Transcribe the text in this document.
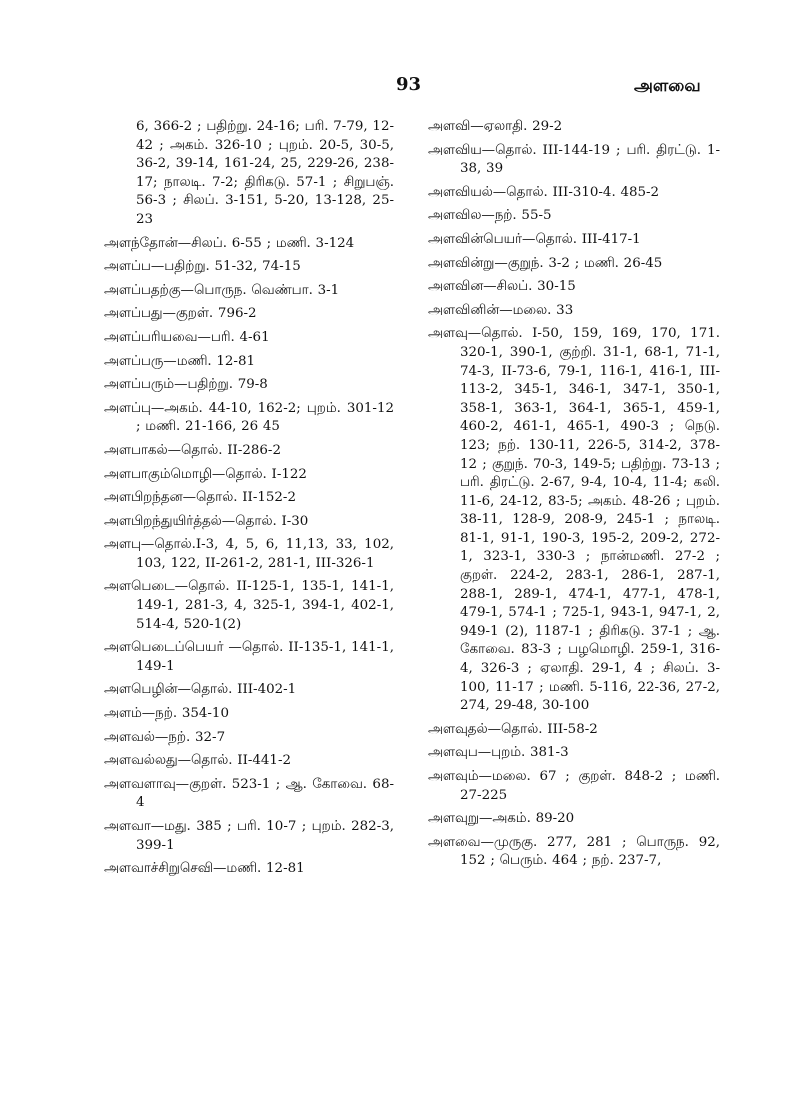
93	அளவை
6, 366-2 ; பதிற்று. 24-16; பரி. 7-79, 12-42 ; அகம். 326-10 ; புறம். 20-5, 30-5, 36-2, 39-14, 161-24, 25, 229-26, 238-17; நாலடி. 7-2; திரிகடு. 57-1 ; சிறுபஞ். 56-3 ; சிலப். 3-151, 5-20, 13-128, 25-23
அளந்தோன்—சிலப். 6-55 ; மணி. 3-124
அளப்ப—பதிற்று. 51-32, 74-15
அளப்பதற்கு—பொருந. வெண்பா. 3-1
அளப்பது—குறள். 796-2
அளப்பரியவை—பரி. 4-61
அளப்பரு—மணி. 12-81
அளப்பரும்—பதிற்று. 79-8
அளப்பு—அகம். 44-10, 162-2; புறம். 301-12 ; மணி. 21-166, 26 45
அளபாகல்—தொல். II-286-2
அளபாகும்மொழி—தொல். I-122
அளபிறந்தன—தொல். II-152-2
அளபிறந்துயிர்த்தல்—தொல். I-30
அளபு—தொல்.I-3, 4, 5, 6, 11,13, 33, 102, 103, 122, II-261-2, 281-1, III-326-1
அளபெடை—தொல். II-125-1, 135-1, 141-1, 149-1, 281-3, 4, 325-1, 394-1, 402-1, 514-4, 520-1(2)
அளபெடைப்பெயர் —தொல். II-135-1, 141-1, 149-1
அளபெழின்—தொல். III-402-1
அளம்—நற். 354-10
அளவல்—நற். 32-7
அளவல்லது—தொல். II-441-2
அளவளாவு—குறள். 523-1 ; ஆ. கோவை. 68-4
அளவா—மது. 385 ; பரி. 10-7 ; புறம். 282-3, 399-1
அளவாச்சிறுசெவி—மணி. 12-81
அளவி—ஏலாதி. 29-2
அளவிய—தொல். III-144-19 ; பரி. திரட்டு. 1-38, 39
அளவியல்—தொல். III-310-4. 485-2
அளவில—நற். 55-5
அளவின்பெயர்—தொல். III-417-1
அளவின்று—குறுந். 3-2 ; மணி. 26-45
அளவின—சிலப். 30-15
அளவினின்—மலை. 33
அளவு—தொல். I-50, 159, 169, 170, 171. 320-1, 390-1, குற்றி. 31-1, 68-1, 71-1, 74-3, II-73-6, 79-1, 116-1, 416-1, III-113-2, 345-1, 346-1, 347-1, 350-1, 358-1, 363-1, 364-1, 365-1, 459-1, 460-2, 461-1, 465-1, 490-3 ; நெடு. 123; நற். 130-11, 226-5, 314-2, 378-12 ; குறுந். 70-3, 149-5; பதிற்று. 73-13 ; பரி. திரட்டு. 2-67, 9-4, 10-4, 11-4; கலி. 11-6, 24-12, 83-5; அகம். 48-26 ; புறம். 38-11, 128-9, 208-9, 245-1 ; நாலடி. 81-1, 91-1, 190-3, 195-2, 209-2, 272-1, 323-1, 330-3 ; நான்மணி. 27-2 ; குறள். 224-2, 283-1, 286-1, 287-1, 288-1, 289-1, 474-1, 477-1, 478-1, 479-1, 574-1 ; 725-1, 943-1, 947-1, 2, 949-1 (2), 1187-1 ; திரிகடு. 37-1 ; ஆ. கோவை. 83-3 ; பழமொழி. 259-1, 316-4, 326-3 ; ஏலாதி. 29-1, 4 ; சிலப். 3-100, 11-17 ; மணி. 5-116, 22-36, 27-2, 274, 29-48, 30-100
அளவுதல்—தொல். III-58-2
அளவுப—புறம். 381-3
அளவும்—மலை. 67 ; குறள். 848-2 ; மணி. 27-225
அளவுறு—அகம். 89-20
அளவை—முருகு. 277, 281 ; பொருந. 92, 152 ; பெரும். 464 ; நற். 237-7,
